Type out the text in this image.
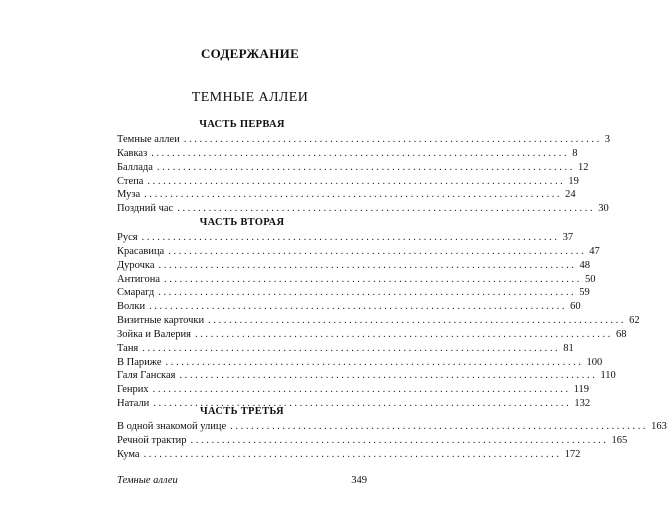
СОДЕРЖАНИЕ
ТЕМНЫЕ АЛЛЕИ
ЧАСТЬ ПЕРВАЯ
Темные аллеи ................................................................................ 3
Кавказ ................................................................................ 8
Баллада ................................................................................ 12
Степа ................................................................................ 19
Муза ................................................................................ 24
Поздний час ................................................................................ 30
ЧАСТЬ ВТОРАЯ
Руся ................................................................................ 37
Красавица ................................................................................ 47
Дурочка ................................................................................ 48
Антигона ................................................................................ 50
Смарагд ................................................................................ 59
Волки ................................................................................ 60
Визитные карточки ................................................................................ 62
Зойка и Валерия ................................................................................ 68
Таня ................................................................................ 81
В Париже ................................................................................ 100
Галя Ганская ................................................................................ 110
Генрих ................................................................................ 119
Натали ................................................................................ 132
ЧАСТЬ ТРЕТЬЯ
В одной знакомой улице ................................................................................ 163
Речной трактир ................................................................................ 165
Кума ................................................................................ 172
Темные аллеи	349
